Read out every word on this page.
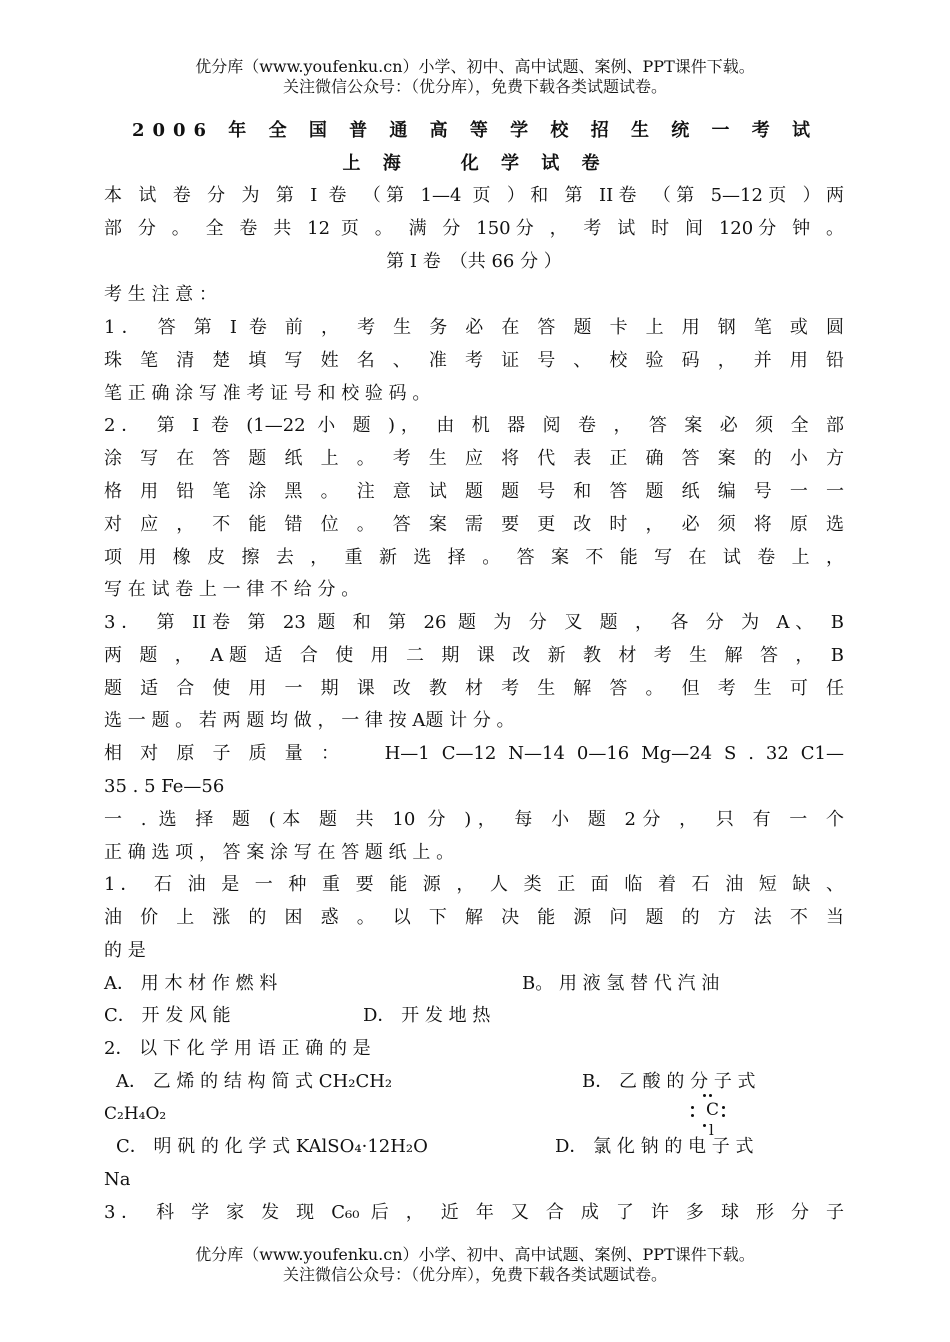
优分库（www.youfenku.cn）小学、初中、高中试题、案例、PPT课件下载。
关注微信公众号：（优分库），免费下载各类试题试卷。
2006 年 全 国 普 通 高 等 学 校 招 生 统 一 考 试
上 海　　化 学 试 卷
本 试 卷 分 为 第 I 卷 （第 1—4 页 ）和 第 II卷 （第 5—12页 ）两
部 分 。 全 卷 共 12 页 。 满 分 150分 ， 考 试 时 间 120分 钟 。
第 I 卷　（共 66 分 ）
考 生 注 意 ：
1． 答 第 I 卷 前 ， 考 生 务 必 在 答 题 卡 上 用 钢 笔 或 圆
珠 笔 清 楚 填 写 姓 名 、 准 考 证 号 、 校 验 码 ， 并 用 铅
笔 正 确 涂 写 准 考 证 号 和 校 验 码 。
2． 第 I 卷 (1—22 小 题 )， 由 机 器 阅 卷 ， 答 案 必 须 全 部
涂 写 在 答 题 纸 上 。 考 生 应 将 代 表 正 确 答 案 的 小 方
格 用 铅 笔 涂 黑 。 注 意 试 题 题 号 和 答 题 纸 编 号 一 一
对 应 ， 不 能 错 位 。 答 案 需 要 更 改 时 ， 必 须 将 原 选
项 用 橡 皮 擦 去 ， 重 新 选 择 。 答 案 不 能 写 在 试 卷 上 ，
写 在 试 卷 上 一 律 不 给 分 。
3． 第 II卷 第 23 题 和 第 26 题 为 分 叉 题 ， 各 分 为 A、 B
两 题 ， A题 适 合 使 用 二 期 课 改 新 教 材 考 生 解 答 ， B
题 适 合 使 用 一 期 课 改 教 材 考 生 解 答 。 但 考 生 可 任
选 一 题 。 若 两 题 均 做 ， 一 律 按 A题 计 分 。
相 对 原 子 质 量 ：　　H—1 C—12 N—14 0—16 Mg—24 S . 32 C1—
35 . 5 Fe—56
一 . 选 择 题 (本 题 共 10 分 )， 每 小 题 2分 ， 只 有 一 个
正 确 选 项 ， 答 案 涂 写 在 答 题 纸 上 。
1． 石 油 是 一 种 重 要 能 源 ， 人 类 正 面 临 着 石 油 短 缺 、
油 价 上 涨 的 困 惑 。 以 下 解 决 能 源 问 题 的 方 法 不 当
的 是
A． 用 木 材 作 燃 料	B。 用 液 氢 替 代 汽 油
C． 开 发 风 能	D． 开 发 地 热
2． 以 下 化 学 用 语 正 确 的 是
A． 乙 烯 的 结 构 简 式 CH₂CH₂	B． 乙 酸 的 分 子 式
C₂H₄O₂	C
l
C． 明 矾 的 化 学 式 KAlSO₄·12H₂O	D． 氯 化 钠 的 电 子 式
Na
3． 科 学 家 发 现 C₆₀ 后 ， 近 年 又 合 成 了 许 多 球 形 分 子
优分库（www.youfenku.cn）小学、初中、高中试题、案例、PPT课件下载。
关注微信公众号：（优分库），免费下载各类试题试卷。
